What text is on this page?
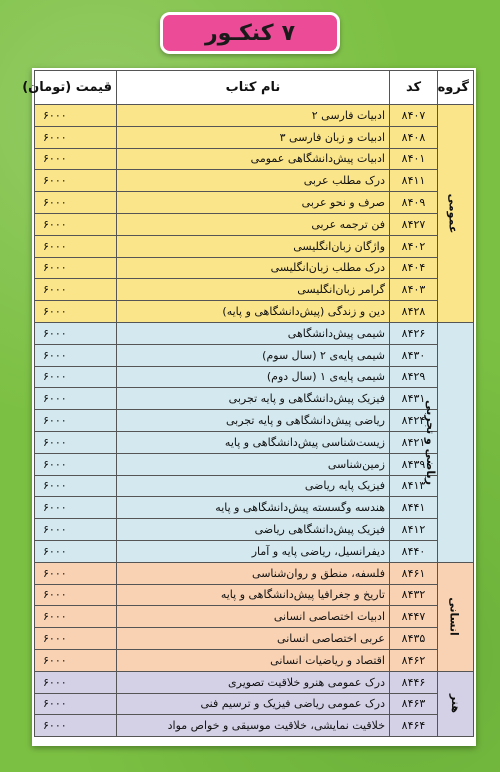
۷
کنکـور
گروه	کد	نام کتاب	قیمت (تومان)
عمومی	۸۴۰۷	ادبیات فارسی ۲	۶۰۰۰
	۸۴۰۸	ادبیات و زبان فارسی ۳	۶۰۰۰
	۸۴۰۱	ادبیات پیش‌دانشگاهی عمومی	۶۰۰۰
	۸۴۱۱	درک مطلب عربی	۶۰۰۰
	۸۴۰۹	صرف و نحو عربی	۶۰۰۰
	۸۴۲۷	فن ترجمه عربی	۶۰۰۰
	۸۴۰۲	واژگان زبان‌انگلیسی	۶۰۰۰
	۸۴۰۴	درک مطلب زبان‌انگلیسی	۶۰۰۰
	۸۴۰۳	گرامر زبان‌انگلیسی	۶۰۰۰
	۸۴۲۸	دین و زندگی (پیش‌دانشگاهی و پایه)	۶۰۰۰
ریاضی و تجربی	۸۴۲۶	شیمی پیش‌دانشگاهی	۶۰۰۰
	۸۴۳۰	شیمی پایه‌ی ۲ (سال سوم)	۶۰۰۰
	۸۴۲۹	شیمی پایه‌ی ۱ (سال دوم)	۶۰۰۰
	۸۴۳۱	فیزیک پیش‌دانشگاهی و پایه تجربی	۶۰۰۰
	۸۴۲۴	ریاضی پیش‌دانشگاهی و پایه تجربی	۶۰۰۰
	۸۴۲۱	زیست‌شناسی پیش‌دانشگاهی و پایه	۶۰۰۰
	۸۴۳۹	زمین‌شناسی	۶۰۰۰
	۸۴۱۳	فیزیک پایه ریاضی	۶۰۰۰
	۸۴۴۱	هندسه وگسسته پیش‌دانشگاهی و پایه	۶۰۰۰
	۸۴۱۲	فیزیک پیش‌دانشگاهی ریاضی	۶۰۰۰
	۸۴۴۰	دیفرانسیل، ریاضی پایه و آمار	۶۰۰۰
انسانی	۸۴۶۱	فلسفه، منطق و روان‌شناسی	۶۰۰۰
	۸۴۳۲	تاریخ و جغرافیا پیش‌دانشگاهی و پایه	۶۰۰۰
	۸۴۴۷	ادبیات اختصاصی انسانی	۶۰۰۰
	۸۴۳۵	عربی اختصاصی انسانی	۶۰۰۰
	۸۴۶۲	اقتصاد و ریاضیات انسانی	۶۰۰۰
هنر	۸۴۴۶	درک عمومی هنرو خلاقیت تصویری	۶۰۰۰
	۸۴۶۳	درک عمومی ریاضی فیزیک و ترسیم فنی	۶۰۰۰
	۸۴۶۴	خلاقیت نمایشی، خلاقیت موسیقی و خواص مواد	۶۰۰۰
